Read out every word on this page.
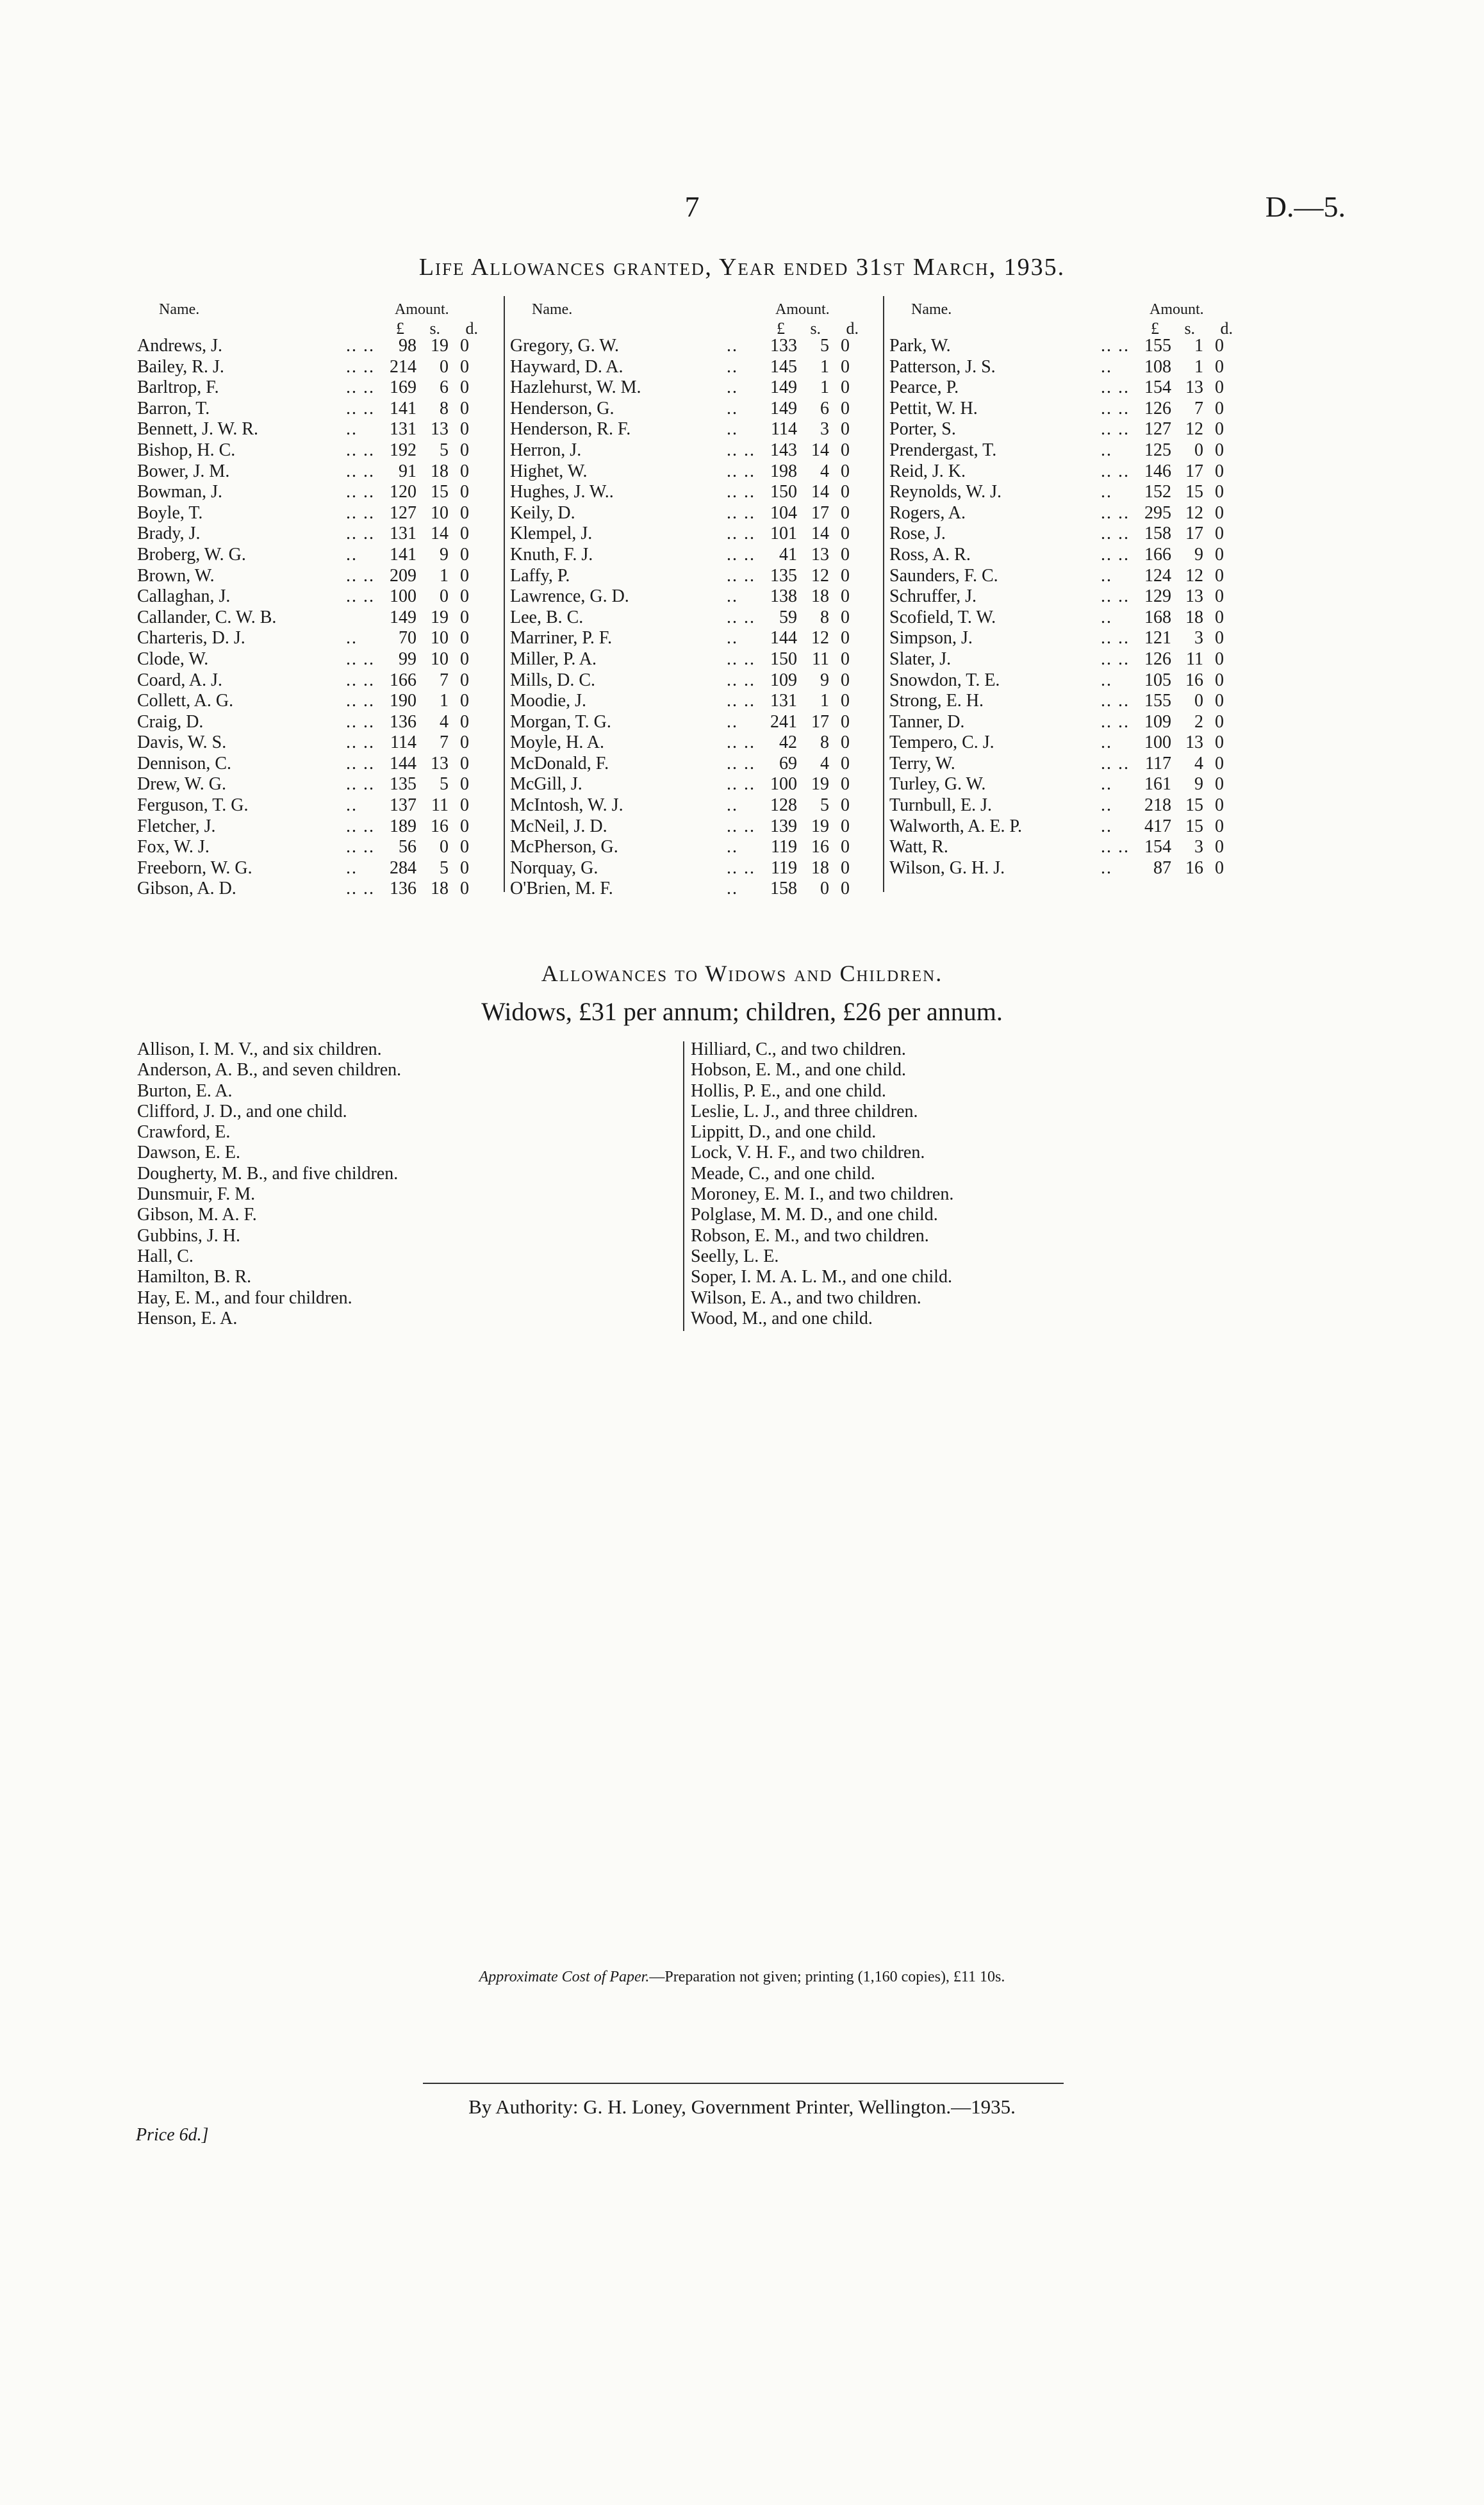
7	D.—5.
Life Allowances granted, Year ended 31st March, 1935.
Name.	Amount.
£ s. d.
Andrews, J.	.. ..	98 19 0
Bailey, R. J.	.. .. 214	0 0
Barltrop, F.	.. .. 169	6 0
Barron, T.	.. .. 141	8 0
Bennett, J. W. R.	..	131 13 0
Bishop, H. C.	.. .. 192	5 0
Bower, J. M.	.. ..	91 18 0
Bowman, J.	.. .. 120 15 0
Boyle, T.	.. .. 127 10 0
Brady, J.	.. .. 131 14 0
Broberg, W. G.	..	141	9 0
Brown, W.	.. .. 209	1 0
Callaghan, J.	.. .. 100	0 0
Callander, C. W. B.	149 19 0
Charteris, D. J.	..	70 10 0
Clode, W.	.. ..	99 10 0
Coard, A. J.	.. .. 166	7 0
Collett, A. G.	.. .. 190	1 0
Craig, D.	.. .. 136	4 0
Davis, W. S.	.. .. 114	7 0
Dennison, C.	.. .. 144 13 0
Drew, W. G.	.. .. 135	5 0
Ferguson, T. G.	..	137 11 0
Fletcher, J.	.. .. 189 16 0
Fox, W. J.	.. ..	56	0 0
Freeborn, W. G.	..	284	5 0
Gibson, A. D.	.. .. 136 18 0
Name.	Amount.
£ s. d.
Gregory, G. W.	..	133	5 0
Hayward, D. A.	..	145	1 0
Hazlehurst, W. M.	..	149	1 0
Henderson, G.	..	149	6 0
Henderson, R. F.	..	114	3 0
Herron, J.	.. .. 143 14 0
Highet, W.	.. .. 198	4 0
Hughes, J. W..	.. .. 150 14 0
Keily, D.	.. .. 104 17 0
Klempel, J.	.. .. 101 14 0
Knuth, F. J.	.. ..	41 13 0
Laffy, P.	.. .. 135 12 0
Lawrence, G. D.	..	138 18 0
Lee, B. C.	.. ..	59	8 0
Marriner, P. F.	..	144 12 0
Miller, P. A.	.. .. 150 11 0
Mills, D. C.	.. .. 109	9 0
Moodie, J.	.. .. 131	1 0
Morgan, T. G.	..	241 17 0
Moyle, H. A.	.. ..	42	8 0
McDonald, F.	.. ..	69	4 0
McGill, J.	.. .. 100 19 0
McIntosh, W. J.	..	128	5 0
McNeil, J. D.	.. .. 139 19 0
McPherson, G.	..	119 16 0
Norquay, G.	.. .. 119 18 0
O'Brien, M. F.	..	158	0 0
Name.	Amount.
£ s. d.
Park, W.	.. .. 155	1 0
Patterson, J. S.	..	108	1 0
Pearce, P.	.. .. 154 13 0
Pettit, W. H.	.. .. 126	7 0
Porter, S.	.. .. 127 12 0
Prendergast, T.	..	125	0 0
Reid, J. K.	.. .. 146 17 0
Reynolds, W. J.	..	152 15 0
Rogers, A.	.. .. 295 12 0
Rose, J.	.. .. 158 17 0
Ross, A. R.	.. .. 166	9 0
Saunders, F. C.	..	124 12 0
Schruffer, J.	.. .. 129 13 0
Scofield, T. W.	..	168 18 0
Simpson, J.	.. .. 121	3 0
Slater, J.	.. .. 126 11 0
Snowdon, T. E.	..	105 16 0
Strong, E. H.	.. .. 155	0 0
Tanner, D.	.. .. 109	2 0
Tempero, C. J.	..	100 13 0
Terry, W.	.. .. 117	4 0
Turley, G. W.	..	161	9 0
Turnbull, E. J.	..	218 15 0
Walworth, A. E. P.	..	417 15 0
Watt, R.	.. .. 154	3 0
Wilson, G. H. J.	..	87 16 0
Allowances to Widows and Children.
Widows, £31 per annum; children, £26 per annum.
Allison, I. M. V., and six children.
Anderson, A. B., and seven children.
Burton, E. A.
Clifford, J. D., and one child.
Crawford, E.
Dawson, E. E.
Dougherty, M. B., and five children.
Dunsmuir, F. M.
Gibson, M. A. F.
Gubbins, J. H.
Hall, C.
Hamilton, B. R.
Hay, E. M., and four children.
Henson, E. A.
Hilliard, C., and two children.
Hobson, E. M., and one child.
Hollis, P. E., and one child.
Leslie, L. J., and three children.
Lippitt, D., and one child.
Lock, V. H. F., and two children.
Meade, C., and one child.
Moroney, E. M. I., and two children.
Polglase, M. M. D., and one child.
Robson, E. M., and two children.
Seelly, L. E.
Soper, I. M. A. L. M., and one child.
Wilson, E. A., and two children.
Wood, M., and one child.
Approximate Cost of Paper.—Preparation not given; printing (1,160 copies), £11 10s.
By Authority: G. H. Loney, Government Printer, Wellington.—1935.
Price 6d.]
